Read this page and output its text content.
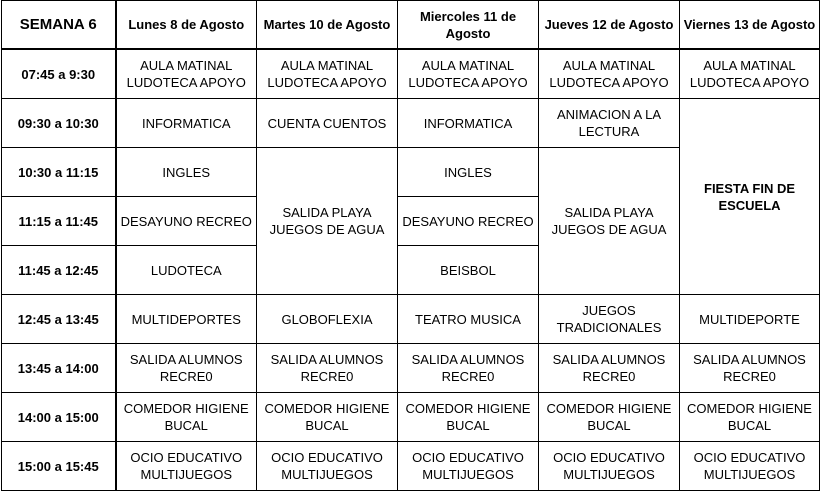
SEMANA 6	Lunes 8 de Agosto	Martes 10 de Agosto	Miercoles 11 de Agosto	Jueves 12 de Agosto	Viernes 13 de Agosto
07:45 a 9:30	AULA MATINAL LUDOTECA APOYO	AULA MATINAL LUDOTECA APOYO	AULA MATINAL LUDOTECA APOYO	AULA MATINAL LUDOTECA APOYO	AULA MATINAL LUDOTECA APOYO
09:30 a 10:30	INFORMATICA	CUENTA CUENTOS	INFORMATICA	ANIMACION A LA LECTURA	FIESTA FIN DE ESCUELA
10:30 a 11:15	INGLES	SALIDA PLAYA JUEGOS DE AGUA	INGLES	SALIDA PLAYA JUEGOS DE AGUA	
11:15 a 11:45	DESAYUNO RECREO		DESAYUNO RECREO		
11:45 a 12:45	LUDOTECA		BEISBOL		
12:45 a 13:45	MULTIDEPORTES	GLOBOFLEXIA	TEATRO MUSICA	JUEGOS TRADICIONALES	MULTIDEPORTE
13:45 a 14:00	SALIDA ALUMNOS RECRE0	SALIDA ALUMNOS RECRE0	SALIDA ALUMNOS RECRE0	SALIDA ALUMNOS RECRE0	SALIDA ALUMNOS RECRE0
14:00 a 15:00	COMEDOR HIGIENE BUCAL	COMEDOR HIGIENE BUCAL	COMEDOR HIGIENE BUCAL	COMEDOR HIGIENE BUCAL	COMEDOR HIGIENE BUCAL
15:00 a 15:45	OCIO EDUCATIVO MULTIJUEGOS	OCIO EDUCATIVO MULTIJUEGOS	OCIO EDUCATIVO MULTIJUEGOS	OCIO EDUCATIVO MULTIJUEGOS	OCIO EDUCATIVO MULTIJUEGOS
